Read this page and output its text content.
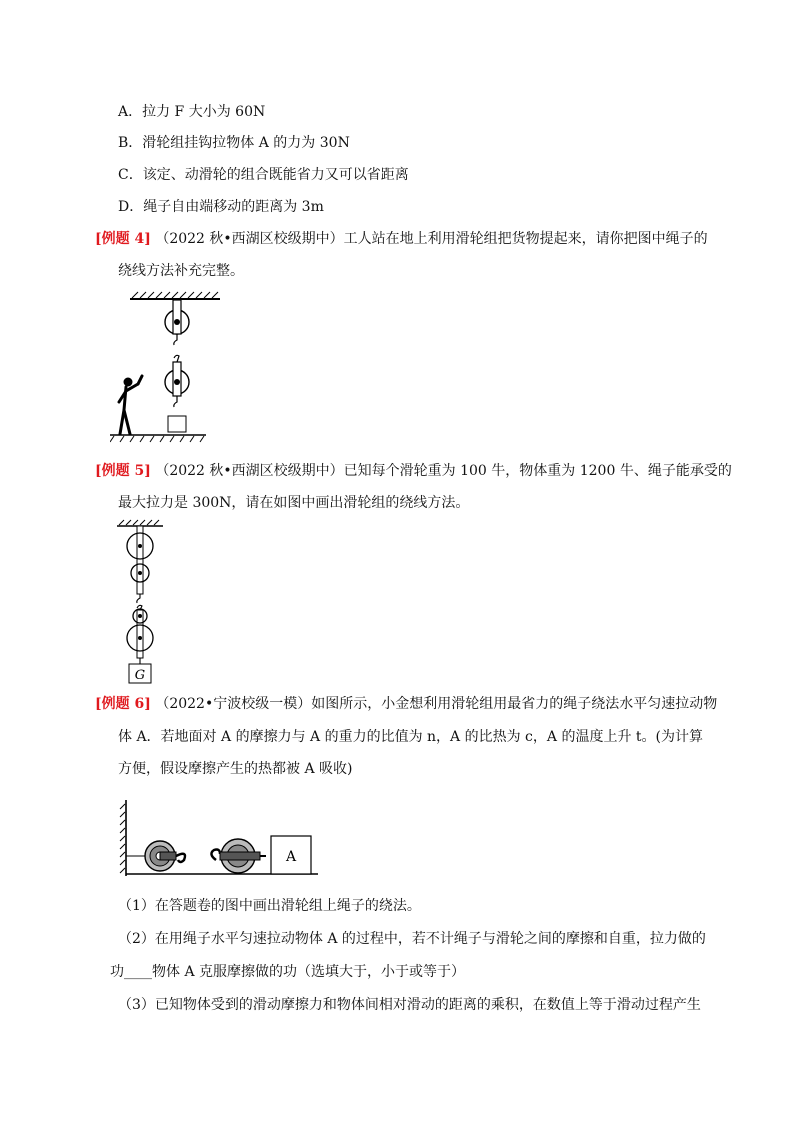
A．拉力 F 大小为 60N
B．滑轮组挂钩拉物体 A 的力为 30N
C．该定、动滑轮的组合既能省力又可以省距离
D．绳子自由端移动的距离为 3m
[例题 4] （2022 秋•西湖区校级期中）工人站在地上利用滑轮组把货物提起来，请你把图中绳子的
绕线方法补充完整。
[例题 5] （2022 秋•西湖区校级期中）已知每个滑轮重为 100 牛，物体重为 1200 牛、绳子能承受的
最大拉力是 300N，请在如图中画出滑轮组的绕线方法。
G
[例题 6] （2022•宁波校级一模）如图所示，小金想利用滑轮组用最省力的绳子绕法水平匀速拉动物
体 A．若地面对 A 的摩擦力与 A 的重力的比值为 n，A 的比热为 c，A 的温度上升 t。(为计算
方便，假设摩擦产生的热都被 A 吸收)
A
（1）在答题卷的图中画出滑轮组上绳子的绕法。
（2）在用绳子水平匀速拉动物体 A 的过程中，若不计绳子与滑轮之间的摩擦和自重，拉力做的
功____物体 A 克服摩擦做的功（选填大于，小于或等于）
（3）已知物体受到的滑动摩擦力和物体间相对滑动的距离的乘积，在数值上等于滑动过程产生
